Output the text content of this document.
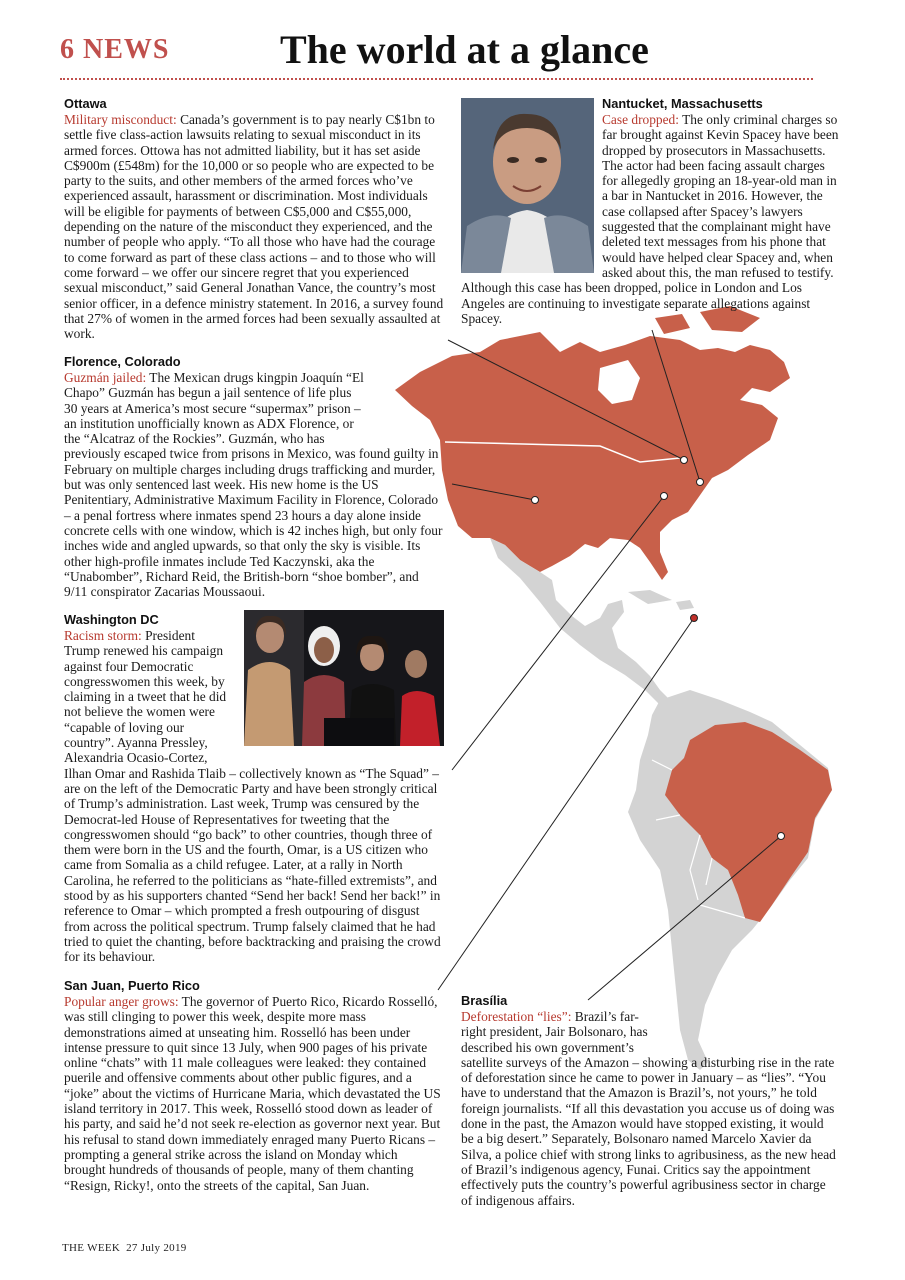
6 NEWS	The world at a glance
Ottawa

Military misconduct: Canada’s government is to pay nearly C$1bn to settle five class-action lawsuits relating to sexual misconduct in its armed forces. Ottowa has not admitted liability, but it has set aside C$900m (£548m) for the 10,000 or so people who are expected to be party to the suits, and other members of the armed forces who’ve experienced assault, harassment or discrimination. Most individuals will be eligible for payments of between C$5,000 and C$55,000, depending on the nature of the misconduct they experienced, and the number of people who apply. “To all those who have had the courage to come forward as part of these class actions – and to those who will come forward – we offer our sincere regret that you experienced sexual misconduct,” said General Jonathan Vance, the country’s most senior officer, in a defence ministry statement. In 2016, a survey found that 27% of women in the armed forces had been sexually assaulted at work.

Nantucket, Massachusetts

Case dropped: The only criminal charges so far brought against Kevin Spacey have been dropped by prosecutors in Massachusetts. The actor had been facing assault charges for allegedly groping an 18-year-old man in a bar in Nantucket in 2016. However, the case collapsed after Spacey’s lawyers suggested that the complainant might have deleted text messages from his phone that would have helped clear Spacey and, when asked about this, the man refused to testify. Although this case has been dropped, police in London and Los Angeles are continuing to investigate separate allegations against Spacey.

Florence, Colorado

Guzmán jailed: The Mexican drugs kingpin Joaquín “El Chapo” Guzmán has begun a jail sentence of life plus 30 years at America’s most secure “supermax” prison – an institution unofficially known as ADX Florence, or the “Alcatraz of the Rockies”. Guzmán, who has previously escaped twice from prisons in Mexico, was found guilty in February on multiple charges including drugs trafficking and murder, but was only sentenced last week. His new home is the US Penitentiary, Administrative Maximum Facility in Florence, Colorado – a penal fortress where inmates spend 23 hours a day alone inside concrete cells with one window, which is 42 inches high, but only four inches wide and angled upwards, so that only the sky is visible. Its other high-profile inmates include Ted Kaczynski, aka the “Unabomber”, Richard Reid, the British-born “shoe bomber”, and 9/11 conspirator Zacarias Moussaoui.

Washington DC

Racism storm: President Trump renewed his campaign against four Democratic congresswomen this week, by claiming in a tweet that he did not believe the women were “capable of loving our country”. Ayanna Pressley, Alexandria Ocasio-Cortez, Ilhan Omar and Rashida Tlaib – collectively known as “The Squad” – are on the left of the Democratic Party and have been strongly critical of Trump’s administration. Last week, Trump was censured by the Democrat-led House of Representatives for tweeting that the congresswomen should “go back” to other countries, though three of them were born in the US and the fourth, Omar, is a US citizen who came from Somalia as a child refugee. Later, at a rally in North Carolina, he referred to the politicians as “hate-filled extremists”, and stood by as his supporters chanted “Send her back! Send her back!” in reference to Omar – which prompted a fresh outpouring of disgust from across the political spectrum. Trump falsely claimed that he had tried to quiet the chanting, before backtracking and praising the crowd for its behaviour.

San Juan, Puerto Rico

Popular anger grows: The governor of Puerto Rico, Ricardo Rosselló, was still clinging to power this week, despite more mass demonstrations aimed at unseating him. Rosselló has been under intense pressure to quit since 13 July, when 900 pages of his private online “chats” with 11 male colleagues were leaked: they contained puerile and offensive comments about other public figures, and a “joke” about the victims of Hurricane Maria, which devastated the US island territory in 2017. This week, Rosselló stood down as leader of his party, and said he’d not seek re-election as governor next year. But his refusal to stand down immediately enraged many Puerto Ricans – prompting a general strike across the island on Monday which brought hundreds of thousands of people, many of them chanting “Resign, Ricky!, onto the streets of the capital, San Juan.

Brasília

Deforestation “lies”: Brazil’s far-right president, Jair Bolsonaro, has described his own government’s satellite surveys of the Amazon – showing a disturbing rise in the rate of deforestation since he came to power in January – as “lies”. “You have to understand that the Amazon is Brazil’s, not yours,” he told foreign journalists. “If all this devastation you accuse us of doing was done in the past, the Amazon would have stopped existing, it would be a big desert.” Separately, Bolsonaro named Marcelo Xavier da Silva, a police chief with strong links to agribusiness, as the new head of Brazil’s indigenous agency, Funai. Critics say the appointment effectively puts the country’s powerful agribusiness sector in charge of indigenous affairs.

THE WEEK 27 July 2019
